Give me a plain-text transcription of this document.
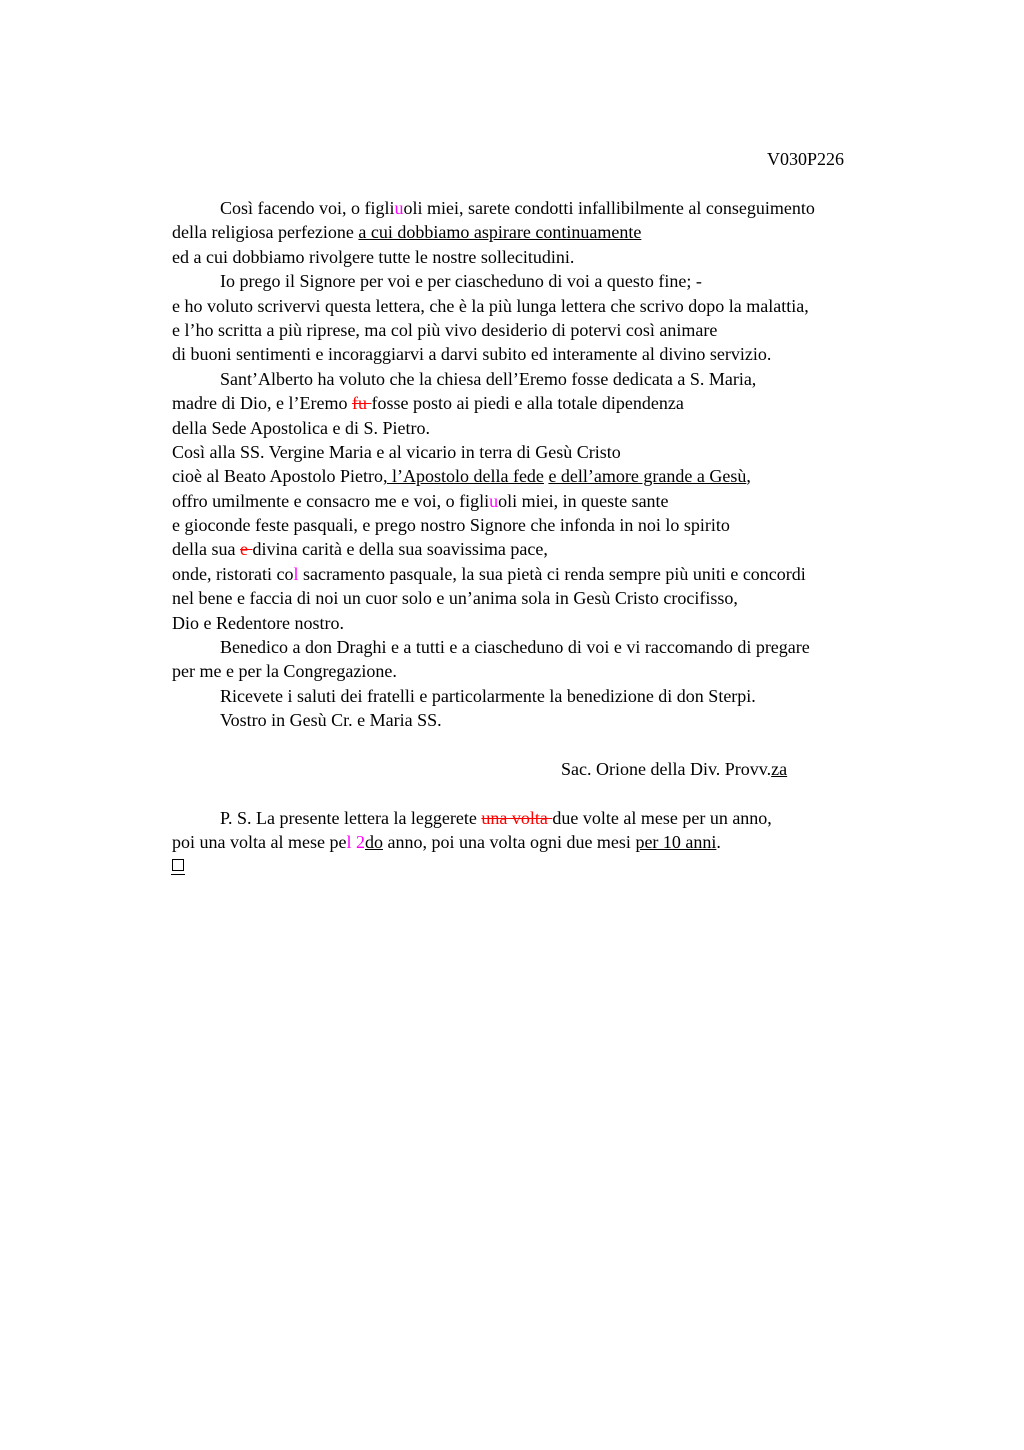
V030P226
Così facendo voi, o figliuoli miei, sarete condotti infallibilmente al conseguimento
della religiosa perfezione a cui dobbiamo aspirare continuamente
ed a cui dobbiamo rivolgere tutte le nostre sollecitudini.
Io prego il Signore per voi e per ciascheduno di voi a questo fine; -
e ho voluto scrivervi questa lettera, che è la più lunga lettera che scrivo dopo la malattia,
e l’ho scritta a più riprese, ma col più vivo desiderio di potervi così animare
di buoni sentimenti e incoraggiarvi a darvi subito ed interamente al divino servizio.
Sant’Alberto ha voluto che la chiesa dell’Eremo fosse dedicata a S. Maria,
madre di Dio, e l’Eremo fu fosse posto ai piedi e alla totale dipendenza
della Sede Apostolica e di S. Pietro.
Così alla SS. Vergine Maria e al vicario in terra di Gesù Cristo
cioè al Beato Apostolo Pietro, l’Apostolo della fede e dell’amore grande a Gesù,
offro umilmente e consacro me e voi, o figliuoli miei, in queste sante
e gioconde feste pasquali, e prego nostro Signore che infonda in noi lo spirito
della sua e divina carità e della sua soavissima pace,
onde, ristorati col sacramento pasquale, la sua pietà ci renda sempre più uniti e concordi
nel bene e faccia di noi un cuor solo e un’anima sola in Gesù Cristo crocifisso,
Dio e Redentore nostro.
Benedico a don Draghi e a tutti e a ciascheduno di voi e vi raccomando di pregare
per me e per la Congregazione.
Ricevete i saluti dei fratelli e particolarmente la benedizione di don Sterpi.
Vostro in Gesù Cr. e Maria SS.
Sac. Orione della Div. Provv.za
P. S. La presente lettera la leggerete una volta due volte al mese per un anno,
poi una volta al mese pel 2do anno, poi una volta ogni due mesi per 10 anni.
